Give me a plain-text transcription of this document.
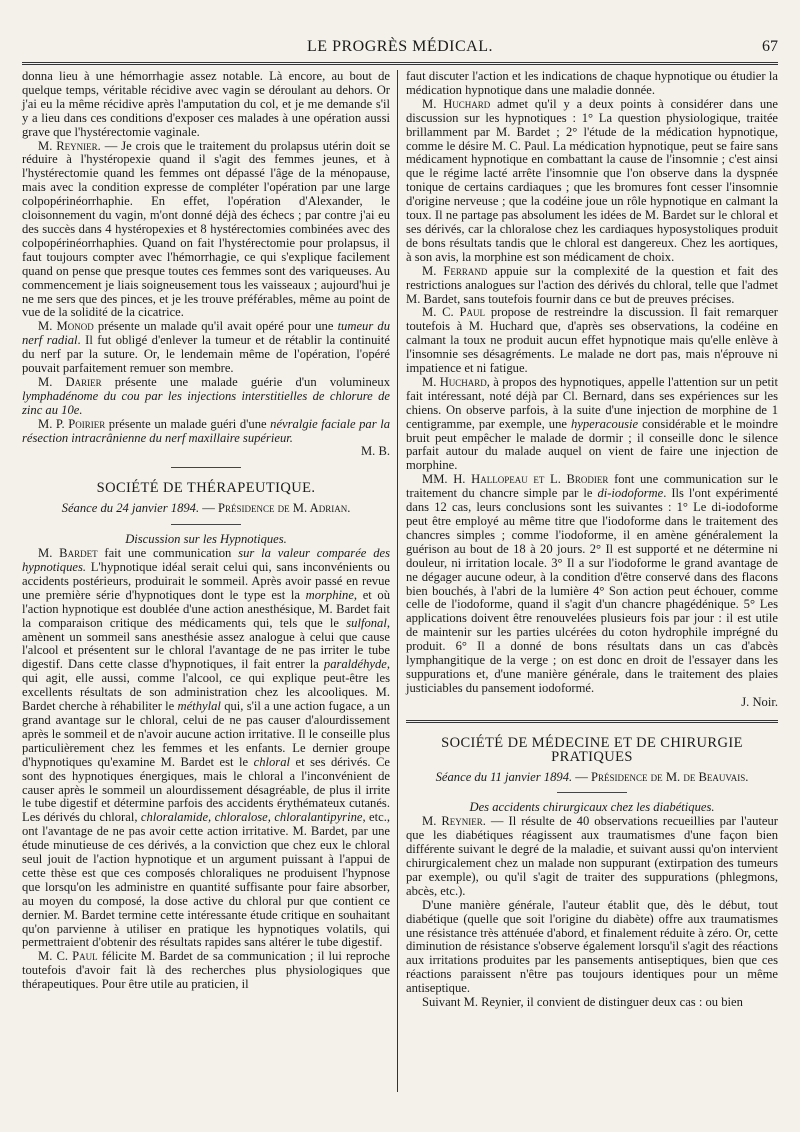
LE PROGRÈS MÉDICAL.	67

donna lieu à une hémorrhagie assez notable. Là encore, au bout de quelque temps, véritable récidive avec vagin se déroulant au dehors. Or j'ai eu la même récidive après l'amputation du col, et je me demande s'il y a lieu dans ces conditions d'exposer ces malades à une opération aussi grave que l'hystérectomie vaginale.

M. Reynier. — Je crois que le traitement du prolapsus utérin doit se réduire à l'hystéropexie quand il s'agit des femmes jeunes, et à l'hystérectomie quand les femmes ont dépassé l'âge de la ménopause, mais avec la condition expresse de compléter l'opération par une large colpopérinéorrhaphie. En effet, l'opération d'Alexander, le cloisonnement du vagin, m'ont donné déjà des échecs ; par contre j'ai eu des succès dans 4 hystéropexies et 8 hystérectomies combinées avec des colpopérinéorrhaphies. Quand on fait l'hystérectomie pour prolapsus, il faut toujours compter avec l'hémorrhagie, ce qui s'explique facilement quand on pense que presque toutes ces femmes sont des variqueuses. Au commencement je liais soigneusement tous les vaisseaux ; aujourd'hui je ne me sers que des pinces, et je les trouve préférables, même au point de vue de la solidité de la cicatrice.

M. Monod présente un malade qu'il avait opéré pour une tumeur du nerf radial. Il fut obligé d'enlever la tumeur et de rétablir la continuité du nerf par la suture. Or, le lendemain même de l'opération, l'opéré pouvait parfaitement remuer son membre.

M. Darier présente une malade guérie d'un volumineux lymphadénome du cou par les injections interstitielles de chlorure de zinc au 10e.

M. P. Poirier présente un malade guéri d'une névralgie faciale par la résection intracrânienne du nerf maxillaire supérieur.

M. B.
SOCIÉTÉ DE THÉRAPEUTIQUE.

Séance du 24 janvier 1894. — Présidence de M. Adrian.

Discussion sur les Hypnotiques.

M. Bardet fait une communication sur la valeur comparée des hypnotiques. L'hypnotique idéal serait celui qui, sans inconvénients ou accidents postérieurs, produirait le sommeil. Après avoir passé en revue une première série d'hypnotiques dont le type est la morphine, et où l'action hypnotique est doublée d'une action anesthésique, M. Bardet fait la comparaison critique des médicaments qui, tels que le sulfonal, amènent un sommeil sans anesthésie assez analogue à celui que cause l'alcool et présentent sur le chloral l'avantage de ne pas irriter le tube digestif. Dans cette classe d'hypnotiques, il fait entrer la paraldéhyde, qui agit, elle aussi, comme l'alcool, ce qui explique peut-être les excellents résultats de son administration chez les alcooliques. M. Bardet cherche à réhabiliter le méthylal qui, s'il a une action fugace, a un grand avantage sur le chloral, celui de ne pas causer d'alourdissement après le sommeil et de n'avoir aucune action irritative. Il le conseille plus particulièrement chez les femmes et les enfants. Le dernier groupe d'hypnotiques qu'examine M. Bardet est le chloral et ses dérivés. Ce sont des hypnotiques énergiques, mais le chloral a l'inconvénient de causer après le sommeil un alourdissement désagréable, de plus il irrite le tube digestif et détermine parfois des accidents érythémateux cutanés. Les dérivés du chloral, chloralamide, chloralose, chloralantipyrine, etc., ont l'avantage de ne pas avoir cette action irritative. M. Bardet, par une étude minutieuse de ces dérivés, a la conviction que chez eux le chloral seul jouit de l'action hypnotique et un argument puissant à l'appui de cette thèse est que ces composés chloraliques ne produisent l'hypnose que lorsqu'on les administre en quantité suffisante pour faire absorber, au moyen du composé, la dose active du chloral pur que contient ce dernier. M. Bardet termine cette intéressante étude critique en souhaitant qu'on parvienne à utiliser en pratique les hypnotiques volatils, qui permettraient d'obtenir des résultats rapides sans altérer le tube digestif.

M. C. Paul félicite M. Bardet de sa communication ; il lui reproche toutefois d'avoir fait là des recherches plus physiologiques que thérapeutiques. Pour être utile au praticien, il

faut discuter l'action et les indications de chaque hypnotique ou étudier la médication hypnotique dans une maladie donnée.

M. Huchard admet qu'il y a deux points à considérer dans une discussion sur les hypnotiques : 1° La question physiologique, traitée brillamment par M. Bardet ; 2° l'étude de la médication hypnotique, comme le désire M. C. Paul. La médication hypnotique, peut se faire sans médicament hypnotique en combattant la cause de l'insomnie ; c'est ainsi que le régime lacté arrête l'insomnie que l'on observe dans la dyspnée tonique de certains cardiaques ; que les bromures font cesser l'insomnie d'origine nerveuse ; que la codéine joue un rôle hypnotique en calmant la toux. Il ne partage pas absolument les idées de M. Bardet sur le chloral et ses dérivés, car la chloralose chez les cardiaques hyposystoliques produit de bons résultats tandis que le chloral est dangereux. Chez les aortiques, à son avis, la morphine est son médicament de choix.

M. Ferrand appuie sur la complexité de la question et fait des restrictions analogues sur l'action des dérivés du chloral, telle que l'admet M. Bardet, sans toutefois fournir dans ce but de preuves précises.

M. C. Paul propose de restreindre la discussion. Il fait remarquer toutefois à M. Huchard que, d'après ses observations, la codéine en calmant la toux ne produit aucun effet hypnotique mais qu'elle enlève à l'insomnie ses désagréments. Le malade ne dort pas, mais n'éprouve ni impatience et ni fatigue.

M. Huchard, à propos des hypnotiques, appelle l'attention sur un petit fait intéressant, noté déjà par Cl. Bernard, dans ses expériences sur les chiens. On observe parfois, à la suite d'une injection de morphine de 1 centigramme, par exemple, une hyperacousie considérable et le moindre bruit peut empêcher le malade de dormir ; il conseille donc le silence parfait autour du malade auquel on vient de faire une injection de morphine.

MM. H. Hallopeau et L. Brodier font une communication sur le traitement du chancre simple par le di-iodoforme. Ils l'ont expérimenté dans 12 cas, leurs conclusions sont les suivantes : 1° Le di-iodoforme peut être employé au même titre que l'iodoforme dans le traitement des chancres simples ; comme l'iodoforme, il en amène généralement la guérison au bout de 18 à 20 jours. 2° Il est supporté et ne détermine ni douleur, ni irritation locale. 3° Il a sur l'iodoforme le grand avantage de ne dégager aucune odeur, à la condition d'être conservé dans des flacons bien bouchés, à l'abri de la lumière 4° Son action peut échouer, comme celle de l'iodoforme, quand il s'agit d'un chancre phagédénique. 5° Les applications doivent être renouvelées plusieurs fois par jour : il est utile de maintenir sur les parties ulcérées du coton hydrophile imprégné du produit. 6° Il a donné de bons résultats dans un cas d'abcès lymphangitique de la verge ; on est donc en droit de l'essayer dans les suppurations et, d'une manière générale, dans le traitement des plaies justiciables du pansement iodoformé.

J. Noir.
SOCIÉTÉ DE MÉDECINE ET DE CHIRURGIE PRATIQUES

Séance du 11 janvier 1894. — Présidence de M. de Beauvais.

Des accidents chirurgicaux chez les diabétiques.

M. Reynier. — Il résulte de 40 observations recueillies par l'auteur que les diabétiques réagissent aux traumatismes d'une façon bien différente suivant le degré de la maladie, et suivant aussi qu'on intervient chirurgicalement chez un malade non suppurant (extirpation des tumeurs par exemple), ou qu'il s'agit de traiter des suppurations (phlegmons, abcès, etc.).

D'une manière générale, l'auteur établit que, dès le début, tout diabétique (quelle que soit l'origine du diabète) offre aux traumatismes une résistance très atténuée d'abord, et finalement réduite à zéro. Or, cette diminution de résistance s'observe également lorsqu'il s'agit des réactions aux irritations produites par les pansements antiseptiques, bien que ces réactions paraissent n'être pas toujours identiques pour un même antiseptique.

Suivant M. Reynier, il convient de distinguer deux cas : ou bien
